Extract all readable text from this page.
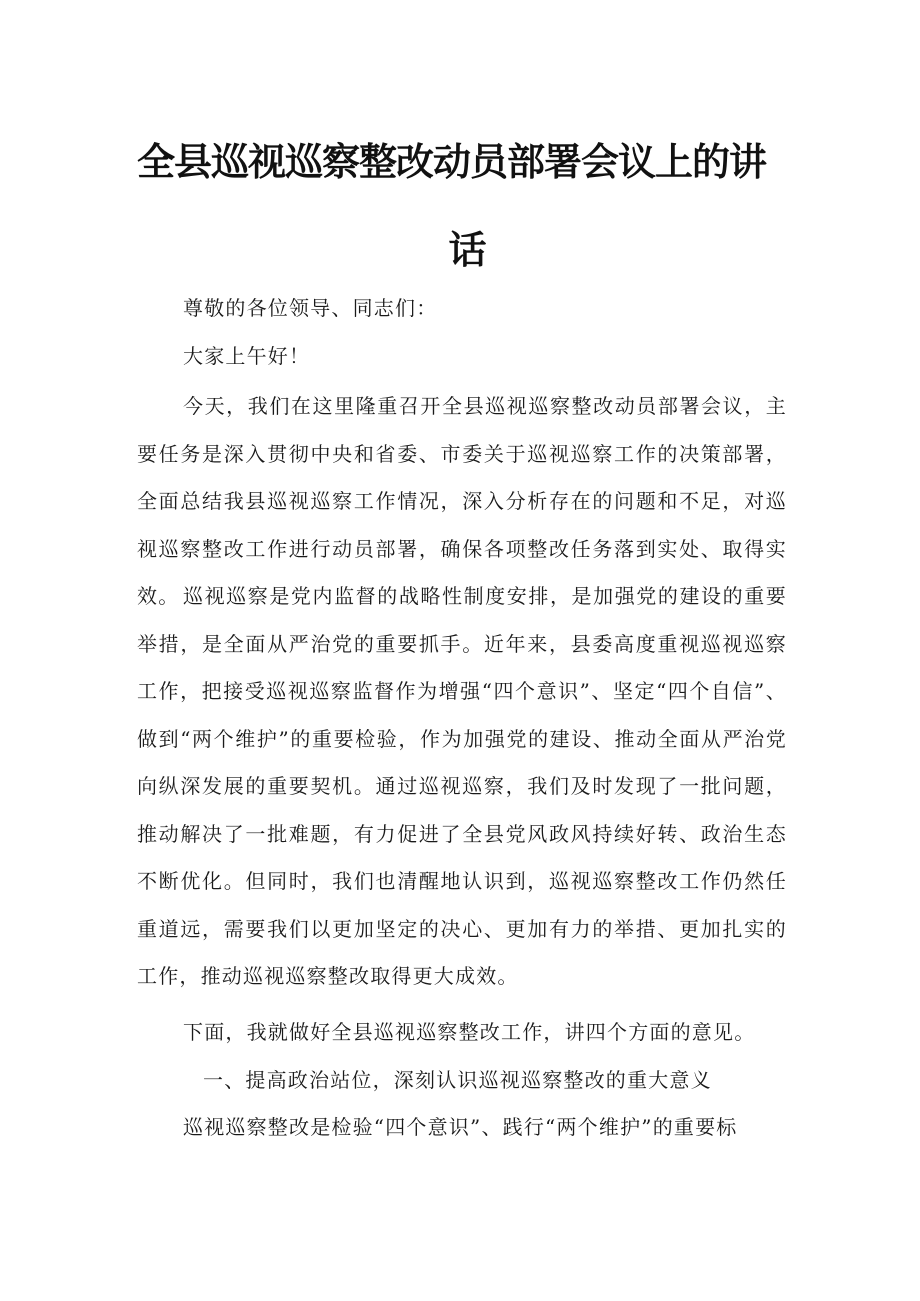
全县巡视巡察整改动员部署会议上的讲
话
尊敬的各位领导、同志们：
大家上午好！

今天，我们在这里隆重召开全县巡视巡察整改动员部署会议，主要任务是深入贯彻中央和省委、市委关于巡视巡察工作的决策部署，全面总结我县巡视巡察工作情况，深入分析存在的问题和不足，对巡视巡察整改工作进行动员部署，确保各项整改任务落到实处、取得实效。 巡视巡察是党内监督的战略性制度安排，是加强党的建设的重要举措，是全面从严治党的重要抓手。近年来，县委高度重视巡视巡察工作，把接受巡视巡察监督作为增强“四个意识”、坚定“四个自信”、做到“两个维护”的重要检验，作为加强党的建设、推动全面从严治党向纵深发展的重要契机。通过巡视巡察，我们及时发现了一批问题，推动解决了一批难题，有力促进了全县党风政风持续好转、政治生态不断优化。但同时，我们也清醒地认识到，巡视巡察整改工作仍然任重道远，需要我们以更加坚定的决心、更加有力的举措、更加扎实的工作，推动巡视巡察整改取得更大成效。

下面，我就做好全县巡视巡察整改工作，讲四个方面的意见。
一、提高政治站位，深刻认识巡视巡察整改的重大意义
巡视巡察整改是检验“四个意识”、践行“两个维护”的重要标
